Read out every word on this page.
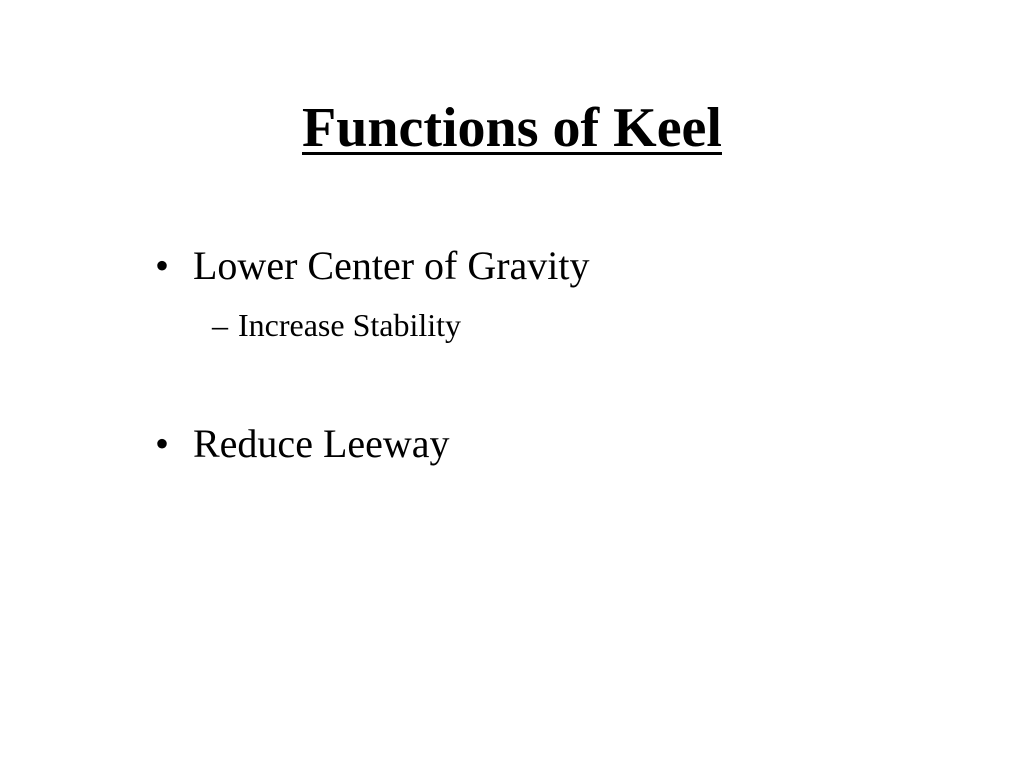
Functions of Keel
• Lower Center of Gravity
– Increase Stability
• Reduce Leeway
